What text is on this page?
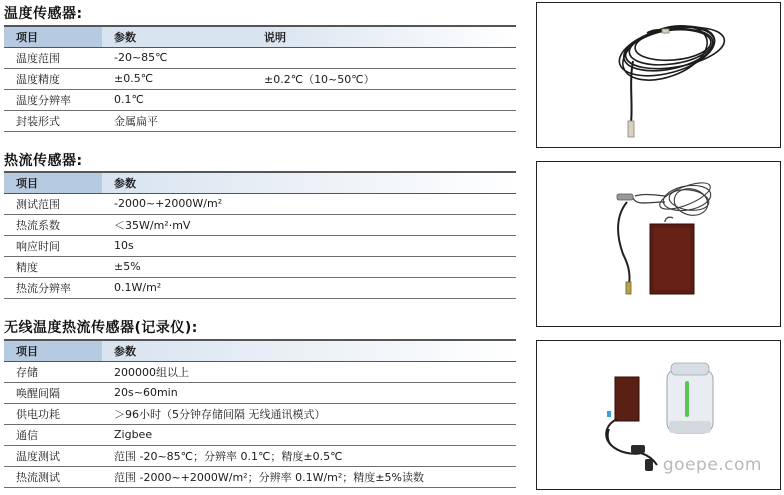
温度传感器:
项目	参数	说明
温度范围	-20~85℃	
温度精度	±0.5℃	±0.2℃（10~50℃）
温度分辨率	0.1℃	
封装形式	金属扁平	
热流传感器:
项目	参数
测试范围	-2000~+2000W/m²
热流系数	＜35W/m²·mV
响应时间	10s
精度	±5%
热流分辨率	0.1W/m²
无线温度热流传感器(记录仪):
项目	参数
存储	200000组以上
唤醒间隔	20s~60min
供电功耗	＞96小时（5分钟存储间隔 无线通讯模式）
通信	Zigbee
温度测试	范围 -20~85℃；分辨率 0.1℃；精度±0.5℃
热流测试	范围 -2000~+2000W/m²；分辨率 0.1W/m²；精度±5%读数
goepe.com
